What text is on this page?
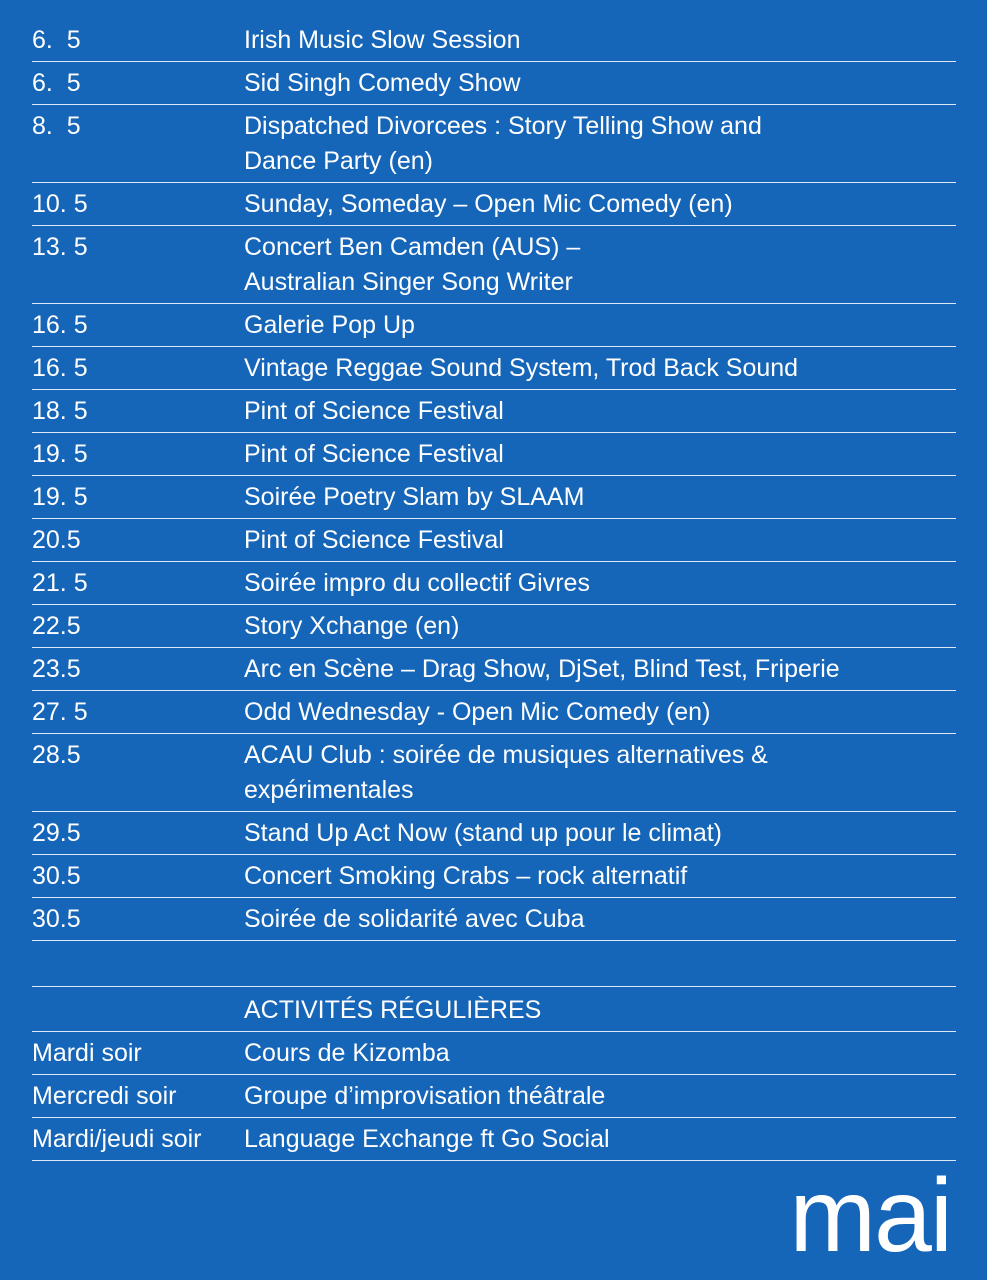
6.  5	Irish Music Slow Session
6.  5	Sid Singh Comedy Show
8.  5	Dispatched Divorcees : Story Telling Show and
Dance Party (en)
10. 5	Sunday, Someday – Open Mic Comedy (en)
13. 5	Concert Ben Camden (AUS) –
Australian Singer Song Writer
16. 5	Galerie Pop Up
16. 5	Vintage Reggae Sound System, Trod Back Sound
18. 5	Pint of Science Festival
19. 5	Pint of Science Festival
19. 5	Soirée Poetry Slam by SLAAM
20.5	Pint of Science Festival
21. 5	Soirée impro du collectif Givres
22.5	Story Xchange (en)
23.5	Arc en Scène – Drag Show, DjSet, Blind Test, Friperie
27. 5	Odd Wednesday - Open Mic Comedy (en)
28.5	ACAU Club : soirée de musiques alternatives &
expérimentales
29.5	Stand Up Act Now (stand up pour le climat)
30.5	Concert Smoking Crabs – rock alternatif
30.5	Soirée de solidarité avec Cuba
ACTIVITÉS RÉGULIÈRES
Mardi soir	Cours de Kizomba
Mercredi soir	Groupe d’improvisation théâtrale
Mardi/jeudi soir	Language Exchange ft Go Social
mai
